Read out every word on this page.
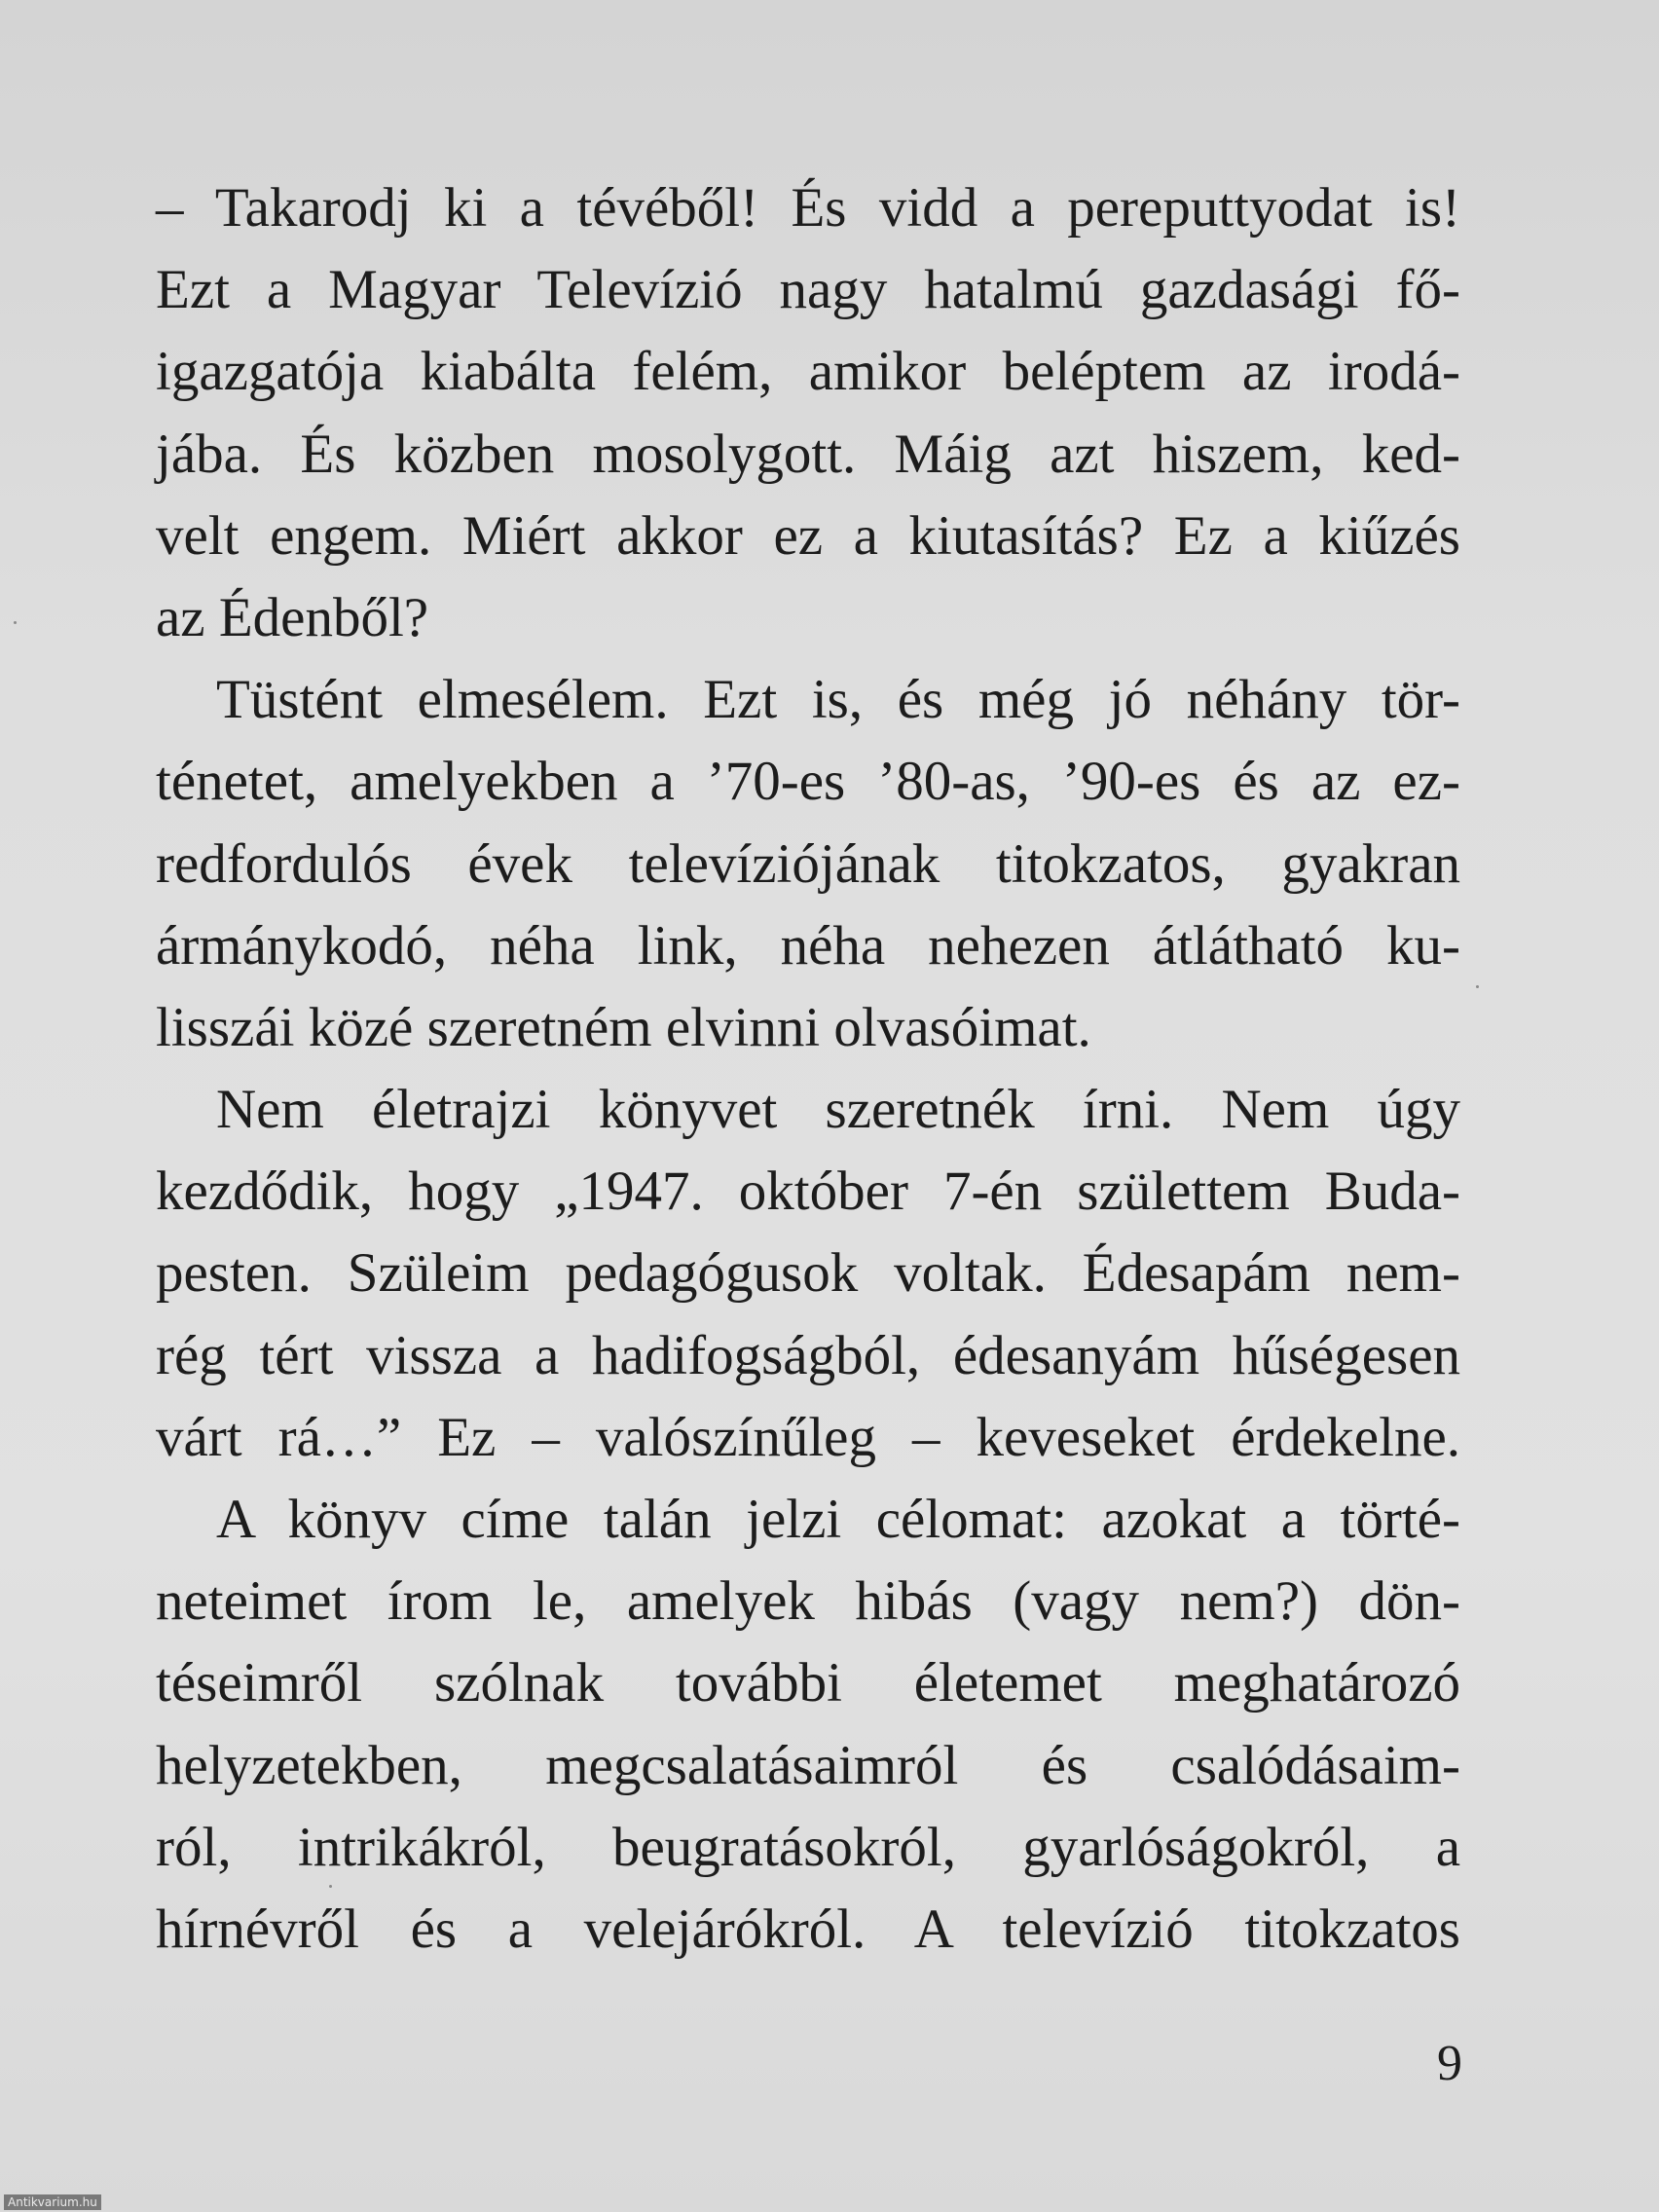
– Takarodj ki a tévéből! És vidd a pereputtyodat is!
Ezt a Magyar Televízió nagy hatalmú gazdasági fő-
igazgatója kiabálta felém, amikor beléptem az irodá-
jába. És közben mosolygott. Máig azt hiszem, ked-
velt engem. Miért akkor ez a kiutasítás? Ez a kiűzés
az Édenből?
Tüstént elmesélem. Ezt is, és még jó néhány tör-
ténetet, amelyekben a ’70-es ’80-as, ’90-es és az ez-
redfordulós évek televíziójának titokzatos, gyakran
ármánykodó, néha link, néha nehezen átlátható ku-
lisszái közé szeretném elvinni olvasóimat.
Nem életrajzi könyvet szeretnék írni. Nem úgy
kezdődik, hogy „1947. október 7-én születtem Buda-
pesten. Szüleim pedagógusok voltak. Édesapám nem-
rég tért vissza a hadifogságból, édesanyám hűségesen
várt rá…” Ez – valószínűleg – keveseket érdekelne.
A könyv címe talán jelzi célomat: azokat a törté-
neteimet írom le, amelyek hibás (vagy nem?) dön-
téseimről szólnak további életemet meghatározó
helyzetekben, megcsalatásaimról és csalódásaim-
ról, intrikákról, beugratásokról, gyarlóságokról, a
hírnévről és a velejárókról. A televízió titokzatos
9
Antikvarium.hu
